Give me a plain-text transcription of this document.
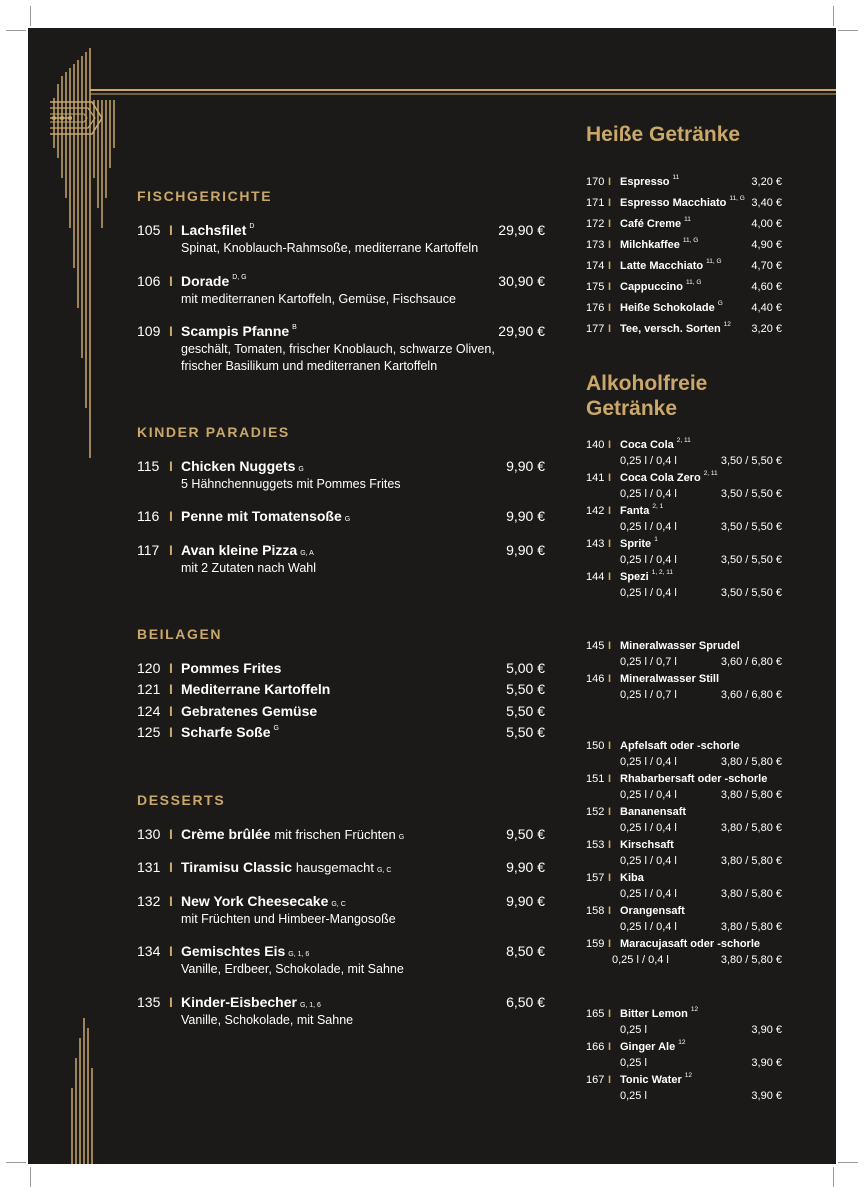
FISCHGERICHTE
105 I Lachsfilet $^D$	29,90 €
Spinat, Knoblauch-Rahmsoße, mediterrane Kartoffeln
106 I Dorade $^{D, G}$	30,90 €
mit mediterranen Kartoffeln, Gemüse, Fischsauce
109 I Scampis Pfanne $^B$	29,90 €
geschält, Tomaten, frischer Knoblauch, schwarze Oliven,
frischer Basilikum und mediterranen Kartoffeln
KINDER PARADIES
115 I Chicken Nuggets G	9,90 €
5 Hähnchennuggets mit Pommes Frites
116 I Penne mit Tomatensoße G	9,90 €
117 I Avan kleine Pizza G, A	9,90 €
mit 2 Zutaten nach Wahl
BEILAGEN
120 I Pommes Frites	5,00 €
121 I Mediterrane Kartoffeln	5,50 €
124 I Gebratenes Gemüse	5,50 €
125 I Scharfe Soße $^G$	5,50 €
DESSERTS
130 I Crème brûlée mit frischen Früchten G	9,50 €
131 I Tiramisu Classic hausgemacht G, C	9,90 €
132 I New York Cheesecake G, C	9,90 €
mit Früchten und Himbeer-Mangosoße
134 I Gemischtes Eis G, 1, 6	8,50 €
Vanille, Erdbeer, Schokolade, mit Sahne
135 I Kinder-Eisbecher G, 1, 6	6,50 €
Vanille, Schokolade, mit Sahne
Heiße Getränke
170 I Espresso $^{11}$	3,20 €
171 I Espresso Macchiato $^{11, G}$ 3,40 €
172 I Café Creme $^{11}$	4,00 €
173 I Milchkaffee $^{11, G}$	4,90 €
174 I Latte Macchiato $^{11, G}$	4,70 €
175 I Cappuccino $^{11, G}$	4,60 €
176 I Heiße Schokolade $^G$	4,40 €
177 I Tee, versch. Sorten $^{12}$ 3,20 €
Alkoholfreie
Getränke
140 I Coca Cola $^{2, 11}$
0,25 l / 0,4 l	3,50 / 5,50 €
141 I Coca Cola Zero $^{2, 11}$
0,25 l / 0,4 l	3,50 / 5,50 €
142 I Fanta $^{2, 1}$
0,25 l / 0,4 l	3,50 / 5,50 €
143 I Sprite $^1$
0,25 l / 0,4 l	3,50 / 5,50 €
144 I Spezi $^{1, 2, 11}$
0,25 l / 0,4 l	3,50 / 5,50 €
145 I Mineralwasser Sprudel
0,25 l / 0,7 l	3,60 / 6,80 €
146 I Mineralwasser Still
0,25 l / 0,7 l	3,60 / 6,80 €
150 I Apfelsaft oder -schorle
0,25 l / 0,4 l	3,80 / 5,80 €
151 I Rhabarbersaft oder -schorle
0,25 l / 0,4 l	3,80 / 5,80 €
152 I Bananensaft
0,25 l / 0,4 l	3,80 / 5,80 €
153 I Kirschsaft
0,25 l / 0,4 l	3,80 / 5,80 €
157 I Kiba
0,25 l / 0,4 l	3,80 / 5,80 €
158 I Orangensaft
0,25 l / 0,4 l	3,80 / 5,80 €
159 I Maracujasaft oder -schorle
0,25 l / 0,4 l	3,80 / 5,80 €
165 I Bitter Lemon $^{12}$
0,25 l	3,90 €
166 I Ginger Ale $^{12}$
0,25 l	3,90 €
167 I Tonic Water $^{12}$
0,25 l	3,90 €
